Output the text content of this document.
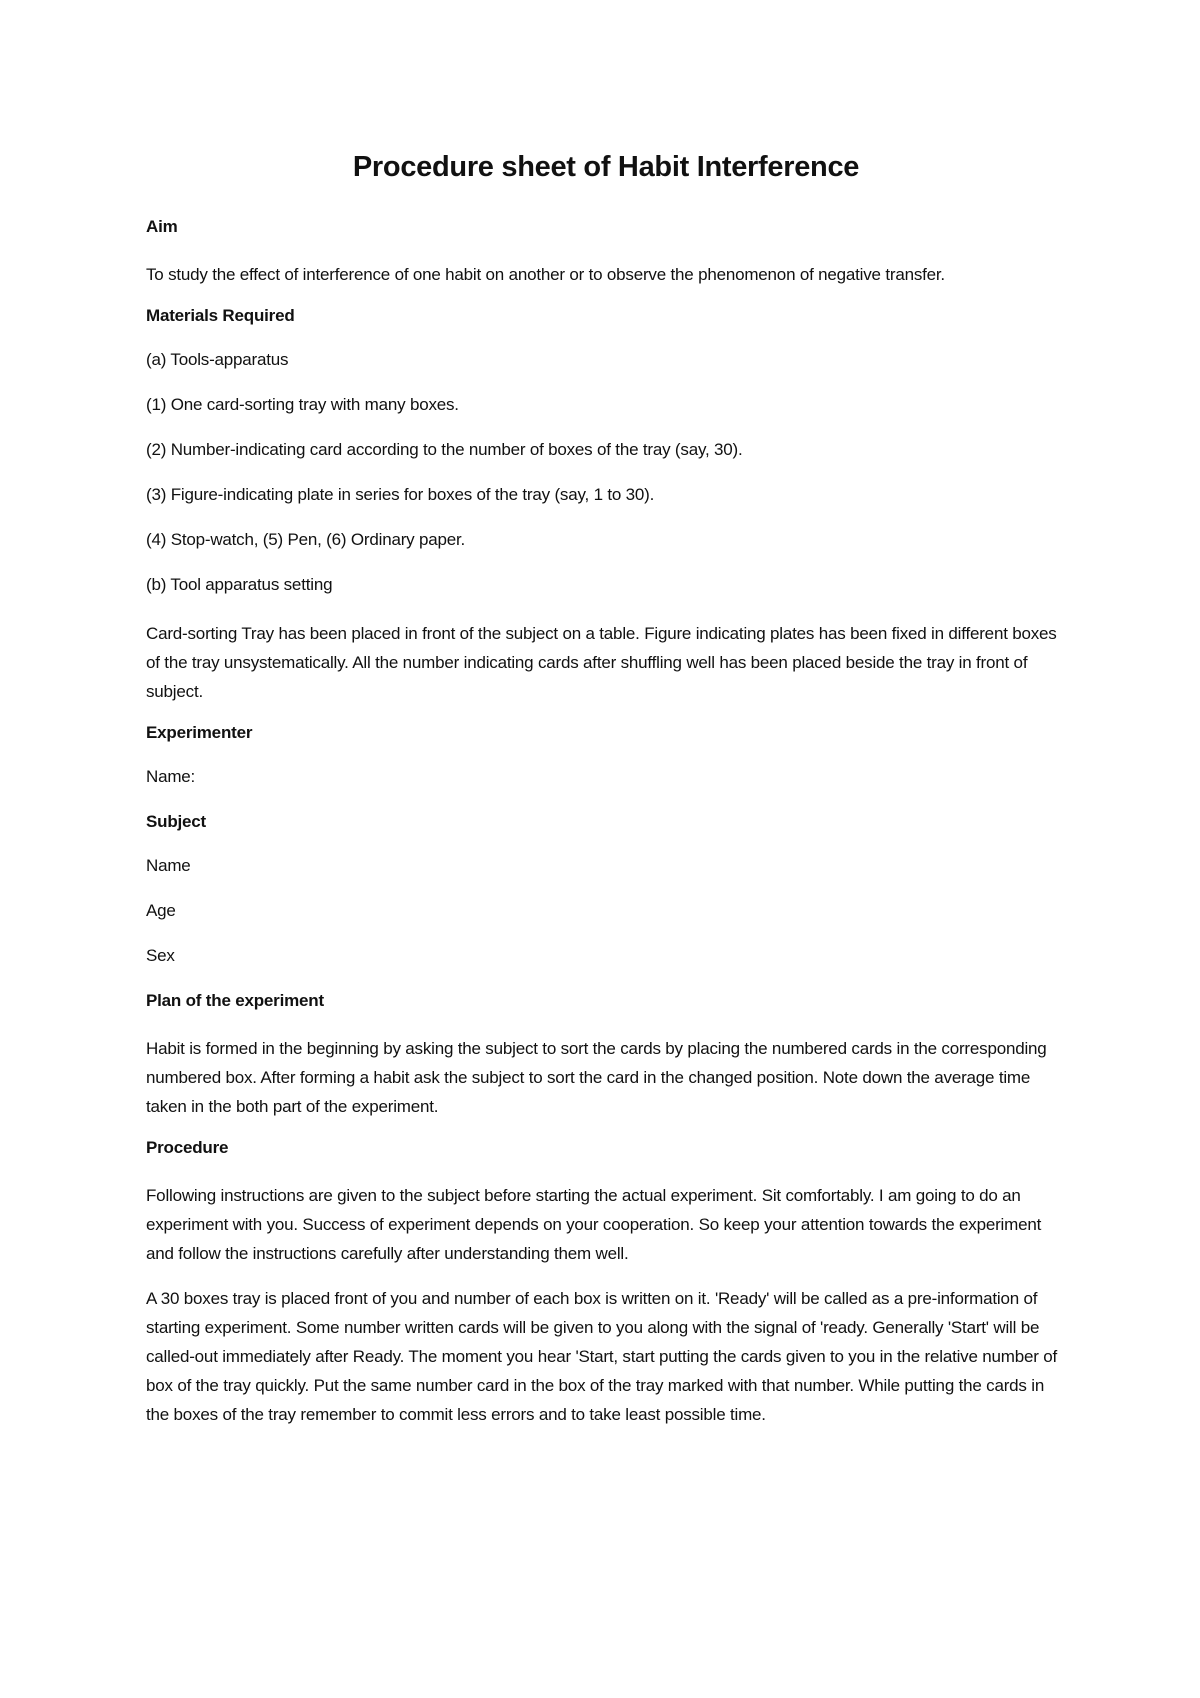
Procedure sheet of Habit Interference
Aim

To study the effect of interference of one habit on another or to observe the phenomenon of negative transfer.

Materials Required
(a) Tools-apparatus
(1) One card-sorting tray with many boxes.
(2) Number-indicating card according to the number of boxes of the tray (say, 30).
(3) Figure-indicating plate in series for boxes of the tray (say, 1 to 30).
(4) Stop-watch, (5) Pen, (6) Ordinary paper.
(b) Tool apparatus setting

Card-sorting Tray has been placed in front of the subject on a table. Figure indicating plates has been fixed in different boxes of the tray unsystematically. All the number indicating cards after shuffling well has been placed beside the tray in front of subject.

Experimenter
Name:
Subject
Name
Age
Sex
Plan of the experiment

Habit is formed in the beginning by asking the subject to sort the cards by placing the numbered cards in the corresponding numbered box. After forming a habit ask the subject to sort the card in the changed position. Note down the average time taken in the both part of the experiment.

Procedure

Following instructions are given to the subject before starting the actual experiment. Sit comfortably. I am going to do an experiment with you. Success of experiment depends on your cooperation. So keep your attention towards the experiment and follow the instructions carefully after understanding them well.

A 30 boxes tray is placed front of you and number of each box is written on it. 'Ready' will be called as a pre-information of starting experiment. Some number written cards will be given to you along with the signal of 'ready. Generally 'Start' will be called-out immediately after Ready. The moment you hear 'Start, start putting the cards given to you in the relative number of box of the tray quickly. Put the same number card in the box of the tray marked with that number. While putting the cards in the boxes of the tray remember to commit less errors and to take least possible time.
